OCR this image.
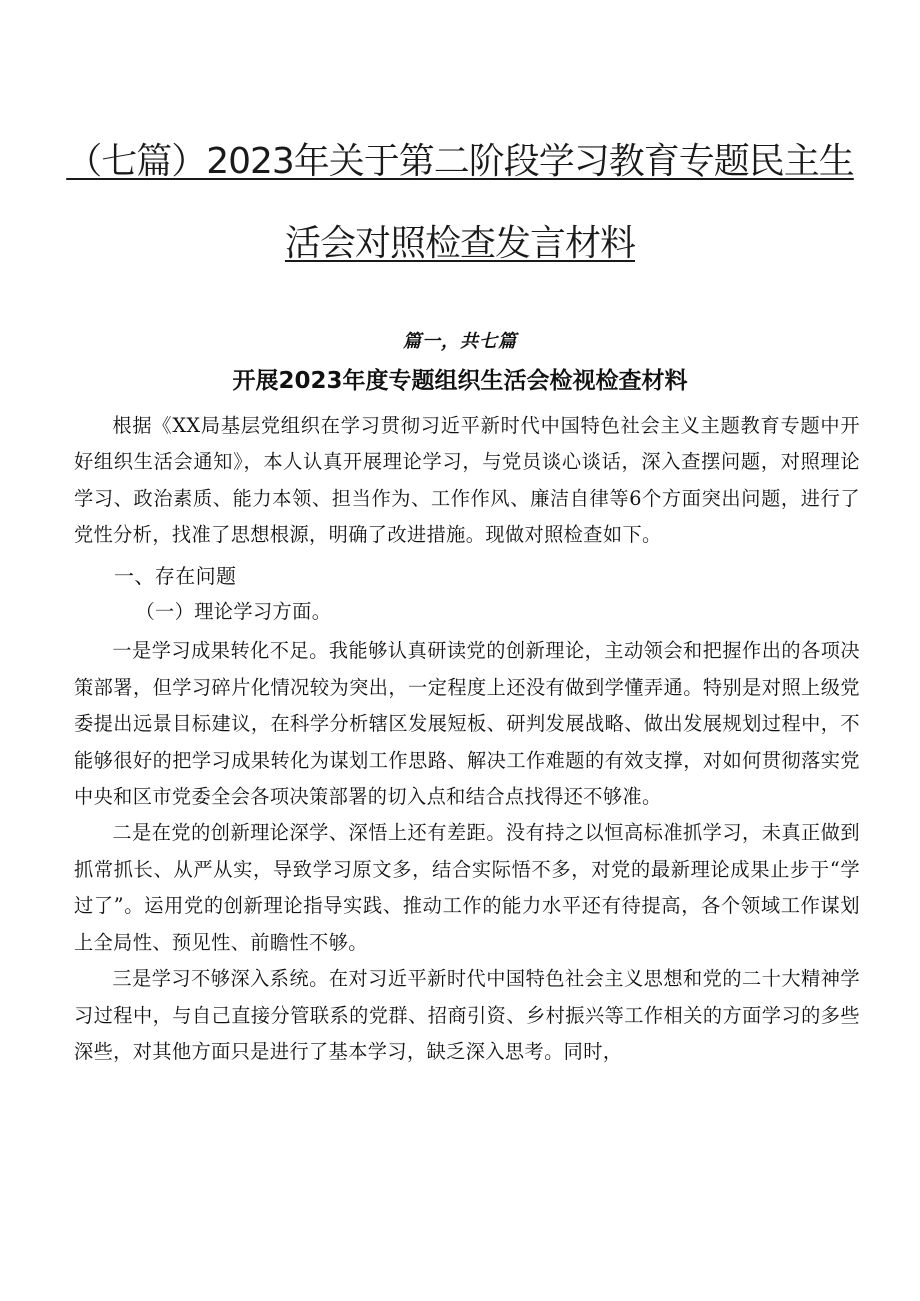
（七篇）2023年关于第二阶段学习教育专题民主生
活会对照检查发言材料
篇一，共七篇
开展2023年度专题组织生活会检视检查材料

根据《XX局基层党组织在学习贯彻习近平新时代中国特色社会主义主题教育专题中开好组织生活会通知》，本人认真开展理论学习，与党员谈心谈话，深入查摆问题，对照理论学习、政治素质、能力本领、担当作为、工作作风、廉洁自律等6个方面突出问题，进行了党性分析，找准了思想根源，明确了改进措施。现做对照检查如下。

一、存在问题

（一）理论学习方面。

一是学习成果转化不足。我能够认真研读党的创新理论，主动领会和把握作出的各项决策部署，但学习碎片化情况较为突出，一定程度上还没有做到学懂弄通。特别是对照上级党委提出远景目标建议，在科学分析辖区发展短板、研判发展战略、做出发展规划过程中，不能够很好的把学习成果转化为谋划工作思路、解决工作难题的有效支撑，对如何贯彻落实党中央和区市党委全会各项决策部署的切入点和结合点找得还不够准。

二是在党的创新理论深学、深悟上还有差距。没有持之以恒高标准抓学习，未真正做到抓常抓长、从严从实，导致学习原文多，结合实际悟不多，对党的最新理论成果止步于“学过了”。运用党的创新理论指导实践、推动工作的能力水平还有待提高，各个领域工作谋划上全局性、预见性、前瞻性不够。

三是学习不够深入系统。在对习近平新时代中国特色社会主义思想和党的二十大精神学习过程中，与自己直接分管联系的党群、招商引资、乡村振兴等工作相关的方面学习的多些深些，对其他方面只是进行了基本学习，缺乏深入思考。同时，
